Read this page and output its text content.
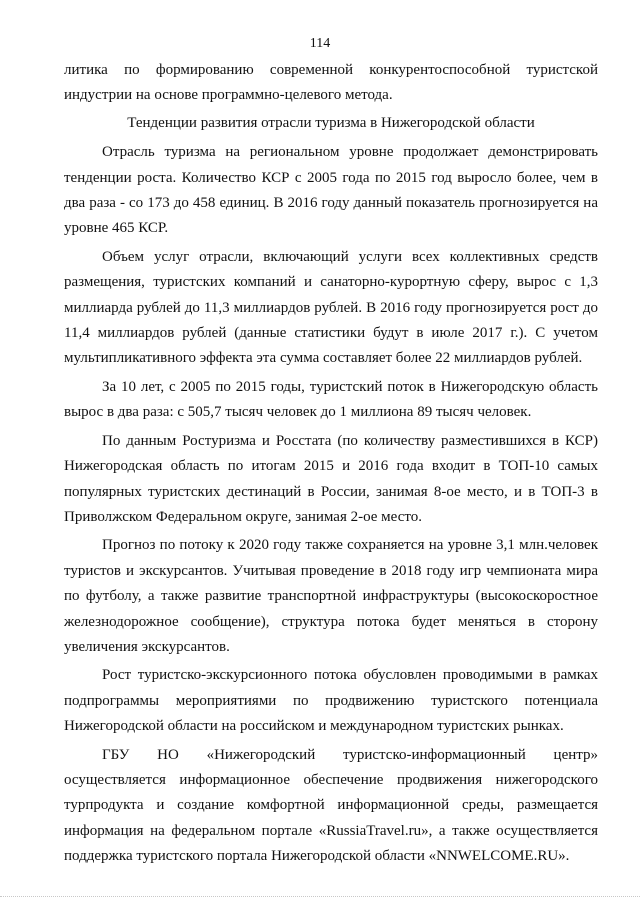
114

литика по формированию современной конкурентоспособной туристской индустрии на основе программно-целевого метода.

Тенденции развития отрасли туризма в Нижегородской области

Отрасль туризма на региональном уровне продолжает демонстрировать тенденции роста. Количество КСР с 2005 года по 2015 год выросло более, чем в два раза - со 173 до 458 единиц. В 2016 году данный показатель прогнозируется на уровне 465 КСР.

Объем услуг отрасли, включающий услуги всех коллективных средств размещения, туристских компаний и санаторно-курортную сферу, вырос с 1,3 миллиарда рублей до 11,3 миллиардов рублей. В 2016 году прогнозируется рост до 11,4 миллиардов рублей (данные статистики будут в июле 2017 г.). С учетом мультипликативного эффекта эта сумма составляет более 22 миллиардов рублей.

За 10 лет, с 2005 по 2015 годы, туристский поток в Нижегородскую область вырос в два раза: с 505,7 тысяч человек до 1 миллиона 89 тысяч человек.

По данным Ростуризма и Росстата (по количеству разместившихся в КСР) Нижегородская область по итогам 2015 и 2016 года входит в ТОП-10 самых популярных туристских дестинаций в России, занимая 8-ое место, и в ТОП-3 в Приволжском Федеральном округе, занимая 2-ое место.

Прогноз по потоку к 2020 году также сохраняется на уровне 3,1 млн.человек туристов и экскурсантов. Учитывая проведение в 2018 году игр чемпионата мира по футболу, а также развитие транспортной инфраструктуры (высокоскоростное железнодорожное сообщение), структура потока будет меняться в сторону увеличения экскурсантов.

Рост туристско-экскурсионного потока обусловлен проводимыми в рамках подпрограммы мероприятиями по продвижению туристского потенциала Нижегородской области на российском и международном туристских рынках.

ГБУ НО «Нижегородский туристско-информационный центр» осуществляется информационное обеспечение продвижения нижегородского турпродукта и создание комфортной информационной среды, размещается информация на федеральном портале «RussiaTravel.ru», а также осуществляется поддержка туристского портала Нижегородской области «NNWELCOME.RU».
